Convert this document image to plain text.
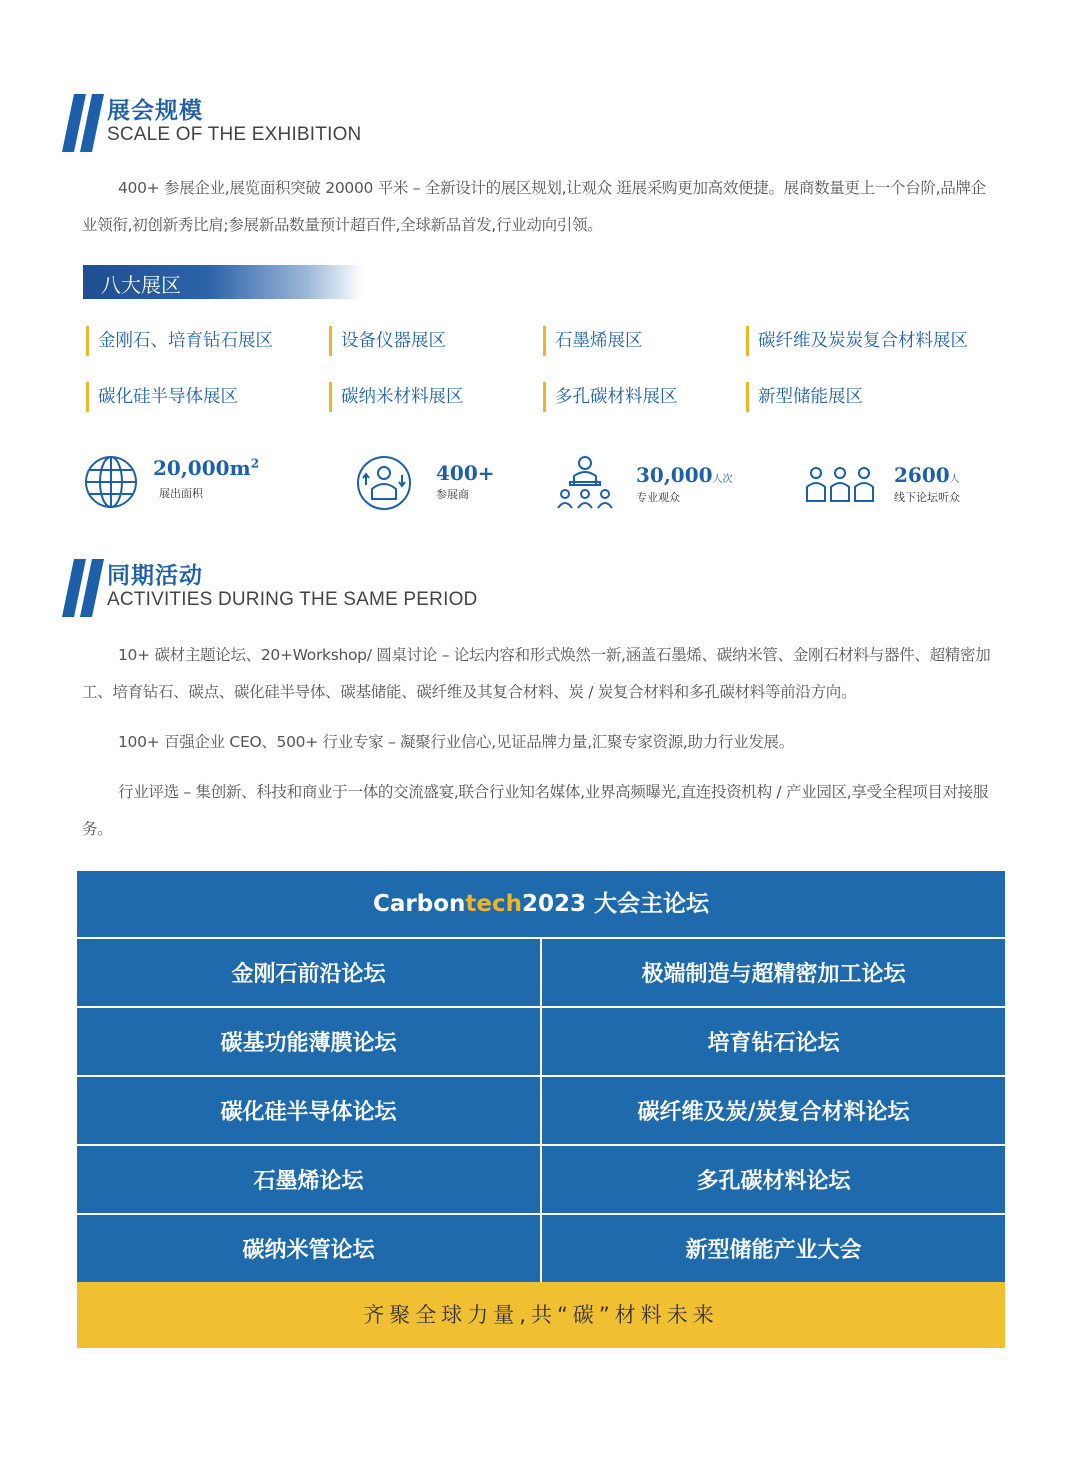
展会规模
SCALE OF THE EXHIBITION
400+ 参展企业,展览面积突破 20000 平米 – 全新设计的展区规划,让观众 逛展采购更加高效便捷。展商数量更上一个台阶,品牌企业领衔,初创新秀比肩;参展新品数量预计超百件,全球新品首发,行业动向引领。
八大展区
金刚石、培育钻石展区	设备仪器展区	石墨烯展区	碳纤维及炭炭复合材料展区
碳化硅半导体展区	碳纳米材料展区	多孔碳材料展区	新型储能展区
$20,000m^2$
展出面积
400+
参展商
30,000人次
专业观众
2600人
线下论坛听众
同期活动
ACTIVITIES DURING THE SAME PERIOD
10+ 碳材主题论坛、20+Workshop/ 圆桌讨论 – 论坛内容和形式焕然一新,涵盖石墨烯、碳纳米管、金刚石材料与器件、超精密加工、培育钻石、碳点、碳化硅半导体、碳基储能、碳纤维及其复合材料、炭 / 炭复合材料和多孔碳材料等前沿方向。
100+ 百强企业 CEO、500+ 行业专家 – 凝聚行业信心,见证品牌力量,汇聚专家资源,助力行业发展。
行业评选 – 集创新、科技和商业于一体的交流盛宴,联合行业知名媒体,业界高频曝光,直连投资机构 / 产业园区,享受全程项目对接服务。
Carbontech2023 大会主论坛
金刚石前沿论坛	极端制造与超精密加工论坛
碳基功能薄膜论坛	培育钻石论坛
碳化硅半导体论坛	碳纤维及炭/炭复合材料论坛
石墨烯论坛	多孔碳材料论坛
碳纳米管论坛	新型储能产业大会
齐聚全球力量,共“碳”材料未来
